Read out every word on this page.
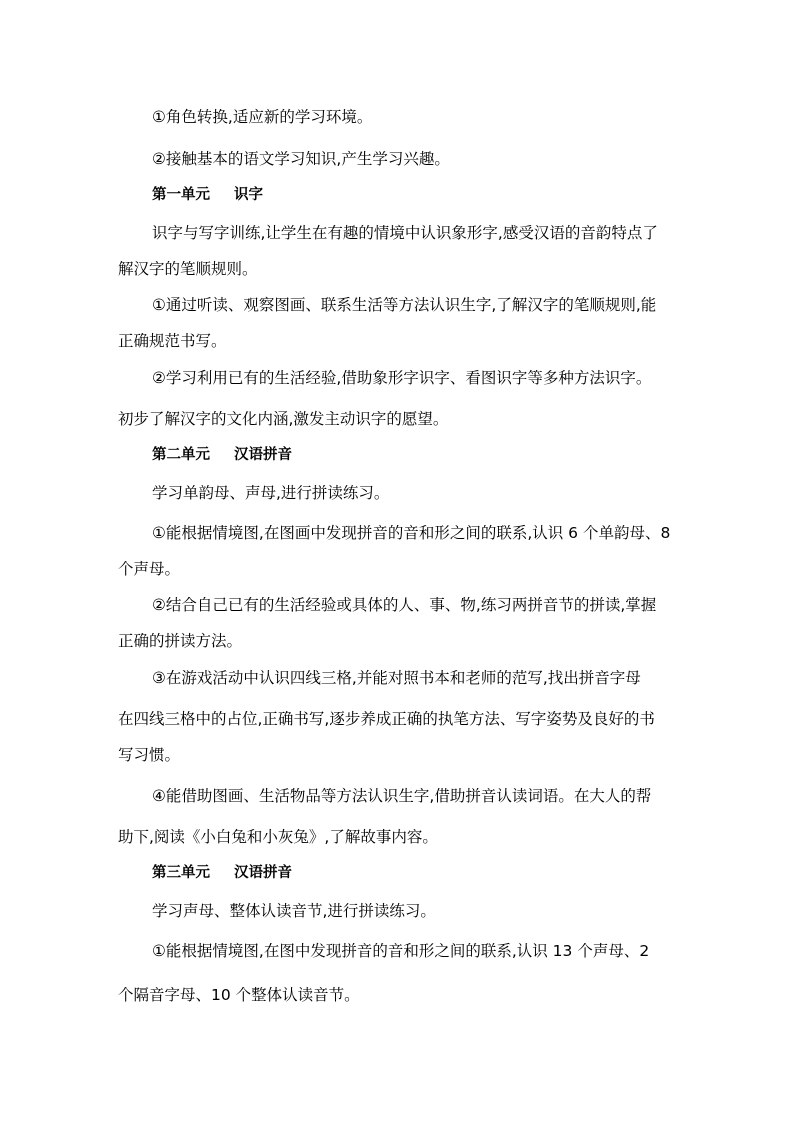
①角色转换,适应新的学习环境。
②接触基本的语文学习知识,产生学习兴趣。
第一单元 识字
识字与写字训练,让学生在有趣的情境中认识象形字,感受汉语的音韵特点了
解汉字的笔顺规则。
①通过听读、观察图画、联系生活等方法认识生字,了解汉字的笔顺规则,能
正确规范书写。
②学习利用已有的生活经验,借助象形字识字、看图识字等多种方法识字。
初步了解汉字的文化内涵,激发主动识字的愿望。
第二单元 汉语拼音
学习单韵母、声母,进行拼读练习。
①能根据情境图,在图画中发现拼音的音和形之间的联系,认识 6 个单韵母、8
个声母。
②结合自己已有的生活经验或具体的人、事、物,练习两拼音节的拼读,掌握
正确的拼读方法。
③在游戏活动中认识四线三格,并能对照书本和老师的范写,找出拼音字母
在四线三格中的占位,正确书写,逐步养成正确的执笔方法、写字姿势及良好的书
写习惯。
④能借助图画、生活物品等方法认识生字,借助拼音认读词语。在大人的帮
助下,阅读《小白兔和小灰兔》,了解故事内容。
第三单元 汉语拼音
学习声母、整体认读音节,进行拼读练习。
①能根据情境图,在图中发现拼音的音和形之间的联系,认识 13 个声母、2
个隔音字母、10 个整体认读音节。
